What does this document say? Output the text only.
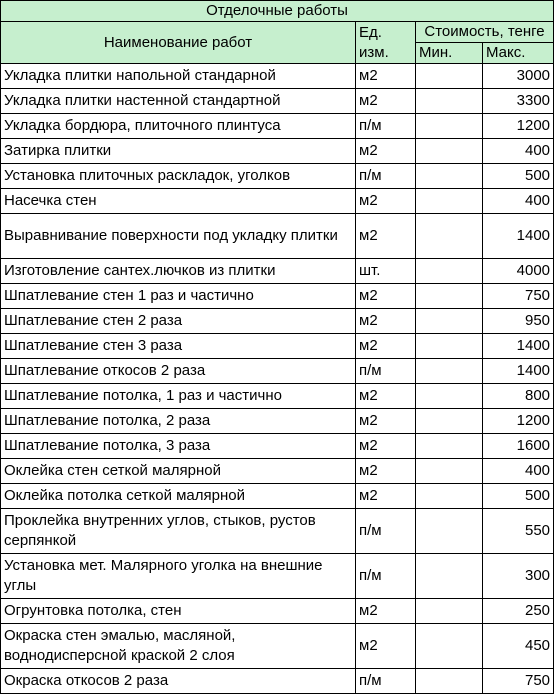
Отделочные работы			
Наименование работ	Ед. изм.	Стоимость, тенге	
		Мин.	Макс.
Укладка плитки напольной стандарной	м2		3000
Укладка плитки настенной стандартной	м2		3300
Укладка бордюра, плиточного плинтуса	п/м		1200
Затирка плитки	м2		400
Установка плиточных раскладок, уголков	п/м		500
Насечка стен	м2		400
Выравнивание поверхности под укладку плитки	м2		1400
Изготовление сантех.лючков из плитки	шт.		4000
Шпатлевание стен 1 раз и частично	м2		750
Шпатлевание стен 2 раза	м2		950
Шпатлевание стен 3 раза	м2		1400
Шпатлевание откосов 2 раза	п/м		1400
Шпатлевание потолка, 1 раз и частично	м2		800
Шпатлевание потолка, 2 раза	м2		1200
Шпатлевание потолка, 3 раза	м2		1600
Оклейка стен сеткой малярной	м2		400
Оклейка потолка сеткой малярной	м2		500
Проклейка внутренних углов, стыков, рустов серпянкой	п/м		550
Установка мет. Малярного уголка на внешние углы	п/м		300
Огрунтовка потолка, стен	м2		250
Окраска стен эмалью, масляной, воднодисперсной краской 2 слоя	м2		450
Окраска откосов 2 раза	п/м		750
